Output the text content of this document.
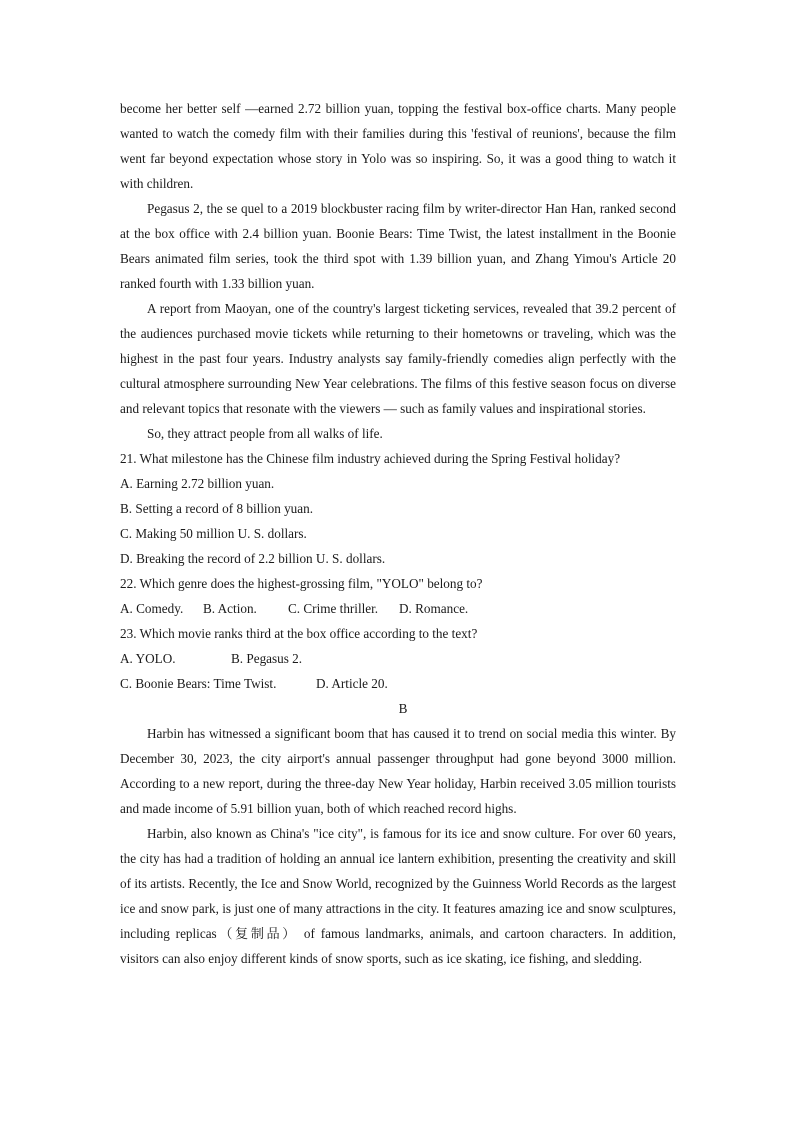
become her better self —earned 2.72 billion yuan, topping the festival box-office charts. Many people wanted to watch the comedy film with their families during this 'festival of reunions', because the film went far beyond expectation whose story in Yolo was so inspiring. So, it was a good thing to watch it with children.

Pegasus 2, the se quel to a 2019 blockbuster racing film by writer-director Han Han, ranked second at the box office with 2.4 billion yuan. Boonie Bears: Time Twist, the latest installment in the Boonie Bears animated film series, took the third spot with 1.39 billion yuan, and Zhang Yimou's Article 20 ranked fourth with 1.33 billion yuan.

A report from Maoyan, one of the country's largest ticketing services, revealed that 39.2 percent of the audiences purchased movie tickets while returning to their hometowns or traveling, which was the highest in the past four years. Industry analysts say family-friendly comedies align perfectly with the cultural atmosphere surrounding New Year celebrations. The films of this festive season focus on diverse and relevant topics that resonate with the viewers — such as family values and inspirational stories.

So, they attract people from all walks of life.

21. What milestone has the Chinese film industry achieved during the Spring Festival holiday?

A. Earning 2.72 billion yuan.

B. Setting a record of 8 billion yuan.

C. Making 50 million U. S. dollars.

D. Breaking the record of 2.2 billion U. S. dollars.

22. Which genre does the highest-grossing film, "YOLO" belong to?

A. Comedy.	B. Action.	C. Crime thriller.	D. Romance.

23. Which movie ranks third at the box office according to the text?

A. YOLO.	B. Pegasus 2.

C. Boonie Bears: Time Twist.	D. Article 20.

B

Harbin has witnessed a significant boom that has caused it to trend on social media this winter. By December 30, 2023, the city airport's annual passenger throughput had gone beyond 3000 million. According to a new report, during the three-day New Year holiday, Harbin received 3.05 million tourists and made income of 5.91 billion yuan, both of which reached record highs.

Harbin, also known as China's "ice city", is famous for its ice and snow culture. For over 60 years, the city has had a tradition of holding an annual ice lantern exhibition, presenting the creativity and skill of its artists. Recently, the Ice and Snow World, recognized by the Guinness World Records as the largest ice and snow park, is just one of many attractions in the city. It features amazing ice and snow sculptures, including replicas（复制品） of famous landmarks, animals, and cartoon characters. In addition, visitors can also enjoy different kinds of snow sports, such as ice skating, ice fishing, and sledding.
